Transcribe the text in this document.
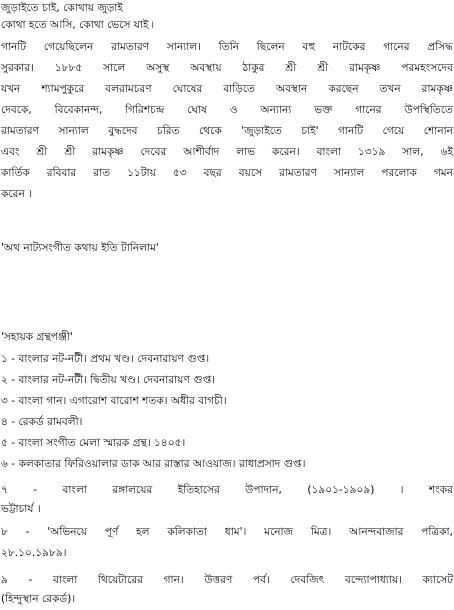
জুড়াইতে চাই, কোথায় জুড়াই
কোথা হতে আসি, কোথা ভেসে যাই ৷
গানটি গেয়েছিলেন রামতারণ সান্যাল। তিনি ছিলেন বহু নাটকের গানের প্রসিদ্ধ
সুরকার। ১৮৮৫ সালে অসুস্থ অবস্থায় ঠাকুর শ্রী শ্রী রামকৃষ্ণ পরমহংসদেব
যখন শ্যামপুকুরে বলরামচরণ ঘোষের বাড়িতে অবস্থান করছেন তখন রামকৃষ্ণ
দেবকে, বিবেকানন্দ, গিরিশচন্দ্র ঘোষ ও অন্যান্য ভক্ত গানের উপস্থিতিতে
রামতারণ সান্যাল বুদ্ধদেব চরিত থেকে 'জুড়াইতে চাই' গানটি গেয়ে শোনান
এবং শ্রী শ্রী রামকৃষ্ণ দেবের আশীর্বাদ লাভ করেন। বাংলা ১৩১৯ সাল, ৬ই
কার্তিক রবিবার রাত ১১টায় ৫৩ বছর বয়সে রামতারণ সান্যাল পরলোক গমন
করেন ।
'অথ নাট্যসংগীত কথায় ইতি টানিলাম'
'সহায়ক গ্রন্থপঞ্জী'
১ - বাংলার নট-নটী। প্রথম খণ্ড। দেবনারায়ণ গুপ্ত।
২ - বাংলার নট-নটী। দ্বিতীয় খণ্ড। দেবনারায়ণ গুপ্ত।
৩ - বাংলা গান। এগারোশ বারোশ শতক। অধীর বাগচী।
৪ - রেকর্ড রামবলী।
৫ - বাংলা সংগীত মেলা স্মারক গ্রন্থ। ১৪০৫।
৬ - কলকাতার ফিরিওয়ালার ডাক আর রাস্তার আওয়াজ। রাধাপ্রসাদ গুপ্ত।
৭ - বাংলা রঙ্গালয়ের ইতিহাসের উপাদান, (১৯০১-১৯০৯) । শংকর
ভট্টাচার্য ।
৮ - 'অভিনয়ে পূর্ণ হল কলিকাতা ধাম'। মনোজ মিত্র। আনন্দবাজার পত্রিকা,
২৮.১০.১৯৮৯।
৯ - বাংলা থিয়েটারের গান। উত্তরণ পর্ব। দেবজিৎ বন্দ্যোপাধ্যায়। ক্যাসেট
(হিন্দুস্থান রেকর্ড)।
